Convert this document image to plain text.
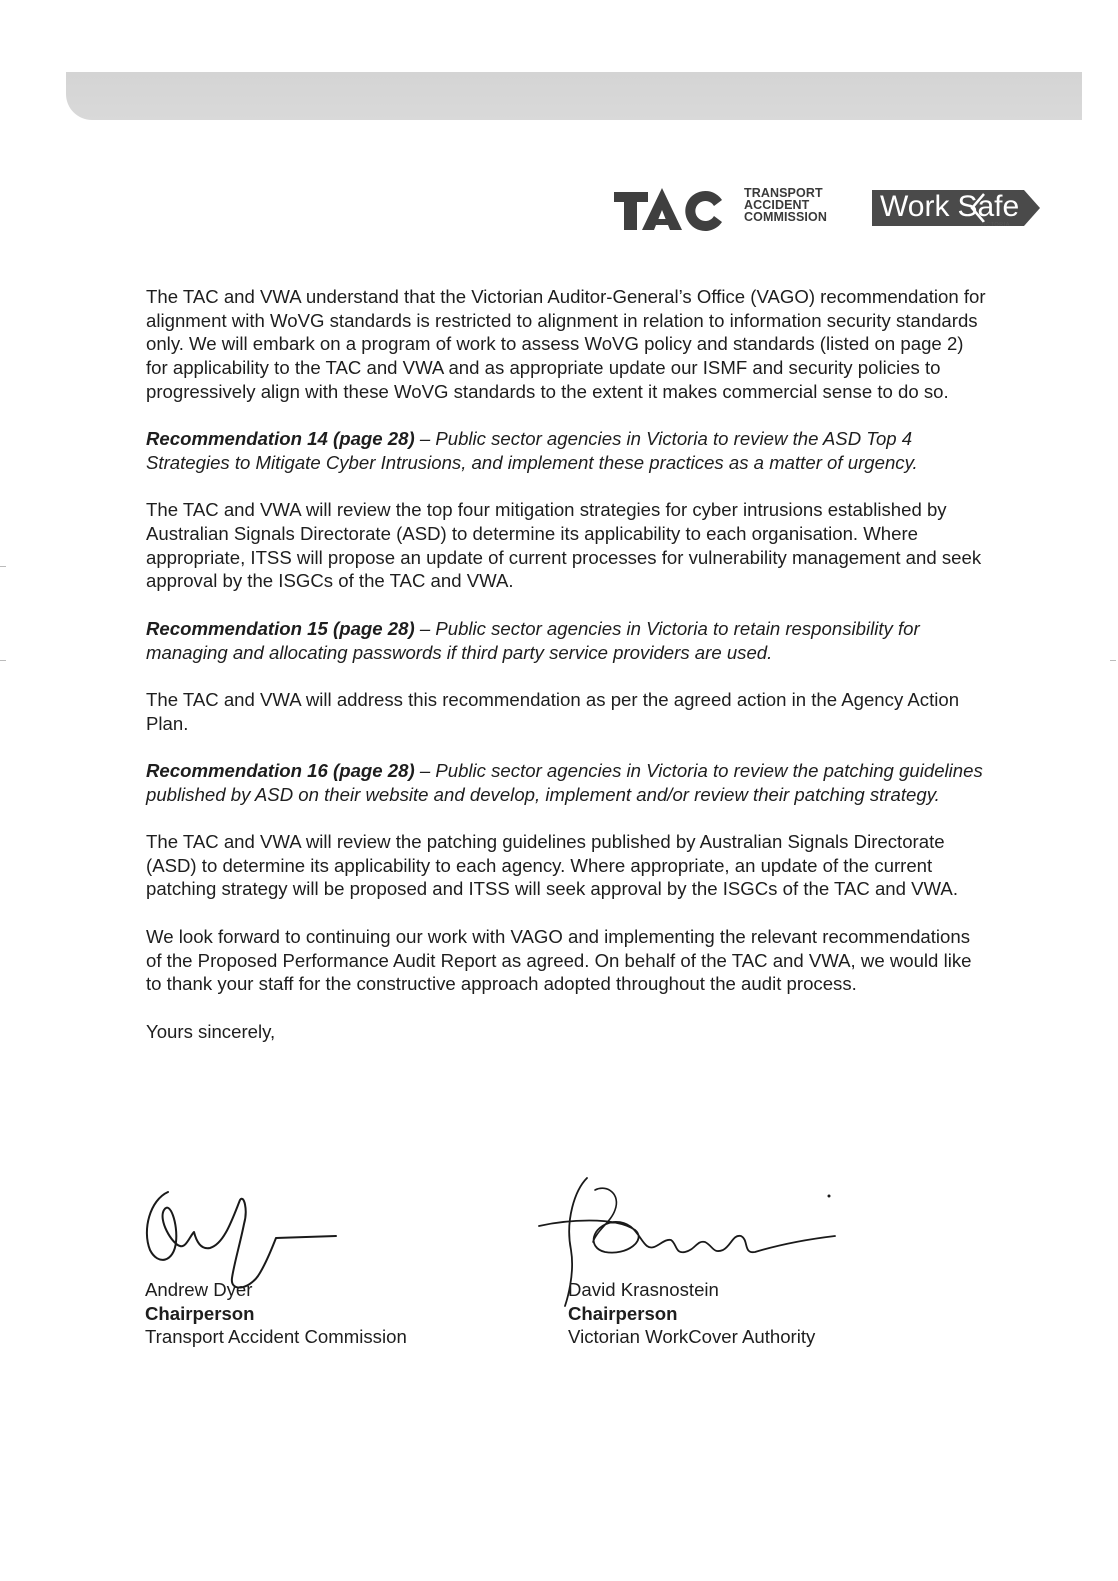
TRANSPORT
ACCIDENT
COMMISSION Work Safe
VICTORIA

The TAC and VWA understand that the Victorian Auditor-General’s Office (VAGO) recommendation for alignment with WoVG standards is restricted to alignment in relation to information security standards only. We will embark on a program of work to assess WoVG policy and standards (listed on page 2) for applicability to the TAC and VWA and as appropriate update our ISMF and security policies to progressively align with these WoVG standards to the extent it makes commercial sense to do so.

Recommendation 14 (page 28) – Public sector agencies in Victoria to review the ASD Top 4 Strategies to Mitigate Cyber Intrusions, and implement these practices as a matter of urgency.

The TAC and VWA will review the top four mitigation strategies for cyber intrusions established by Australian Signals Directorate (ASD) to determine its applicability to each organisation. Where appropriate, ITSS will propose an update of current processes for vulnerability management and seek approval by the ISGCs of the TAC and VWA.

Recommendation 15 (page 28) – Public sector agencies in Victoria to retain responsibility for managing and allocating passwords if third party service providers are used.

The TAC and VWA will address this recommendation as per the agreed action in the Agency Action Plan.

Recommendation 16 (page 28) – Public sector agencies in Victoria to review the patching guidelines published by ASD on their website and develop, implement and/or review their patching strategy.

The TAC and VWA will review the patching guidelines published by Australian Signals Directorate (ASD) to determine its applicability to each agency. Where appropriate, an update of the current patching strategy will be proposed and ITSS will seek approval by the ISGCs of the TAC and VWA.

We look forward to continuing our work with VAGO and implementing the relevant recommendations of the Proposed Performance Audit Report as agreed. On behalf of the TAC and VWA, we would like to thank your staff for the constructive approach adopted throughout the audit process.

Yours sincerely,

Andrew Dyer
Chairperson
Transport Accident Commission
David Krasnostein
Chairperson
Victorian WorkCover Authority
